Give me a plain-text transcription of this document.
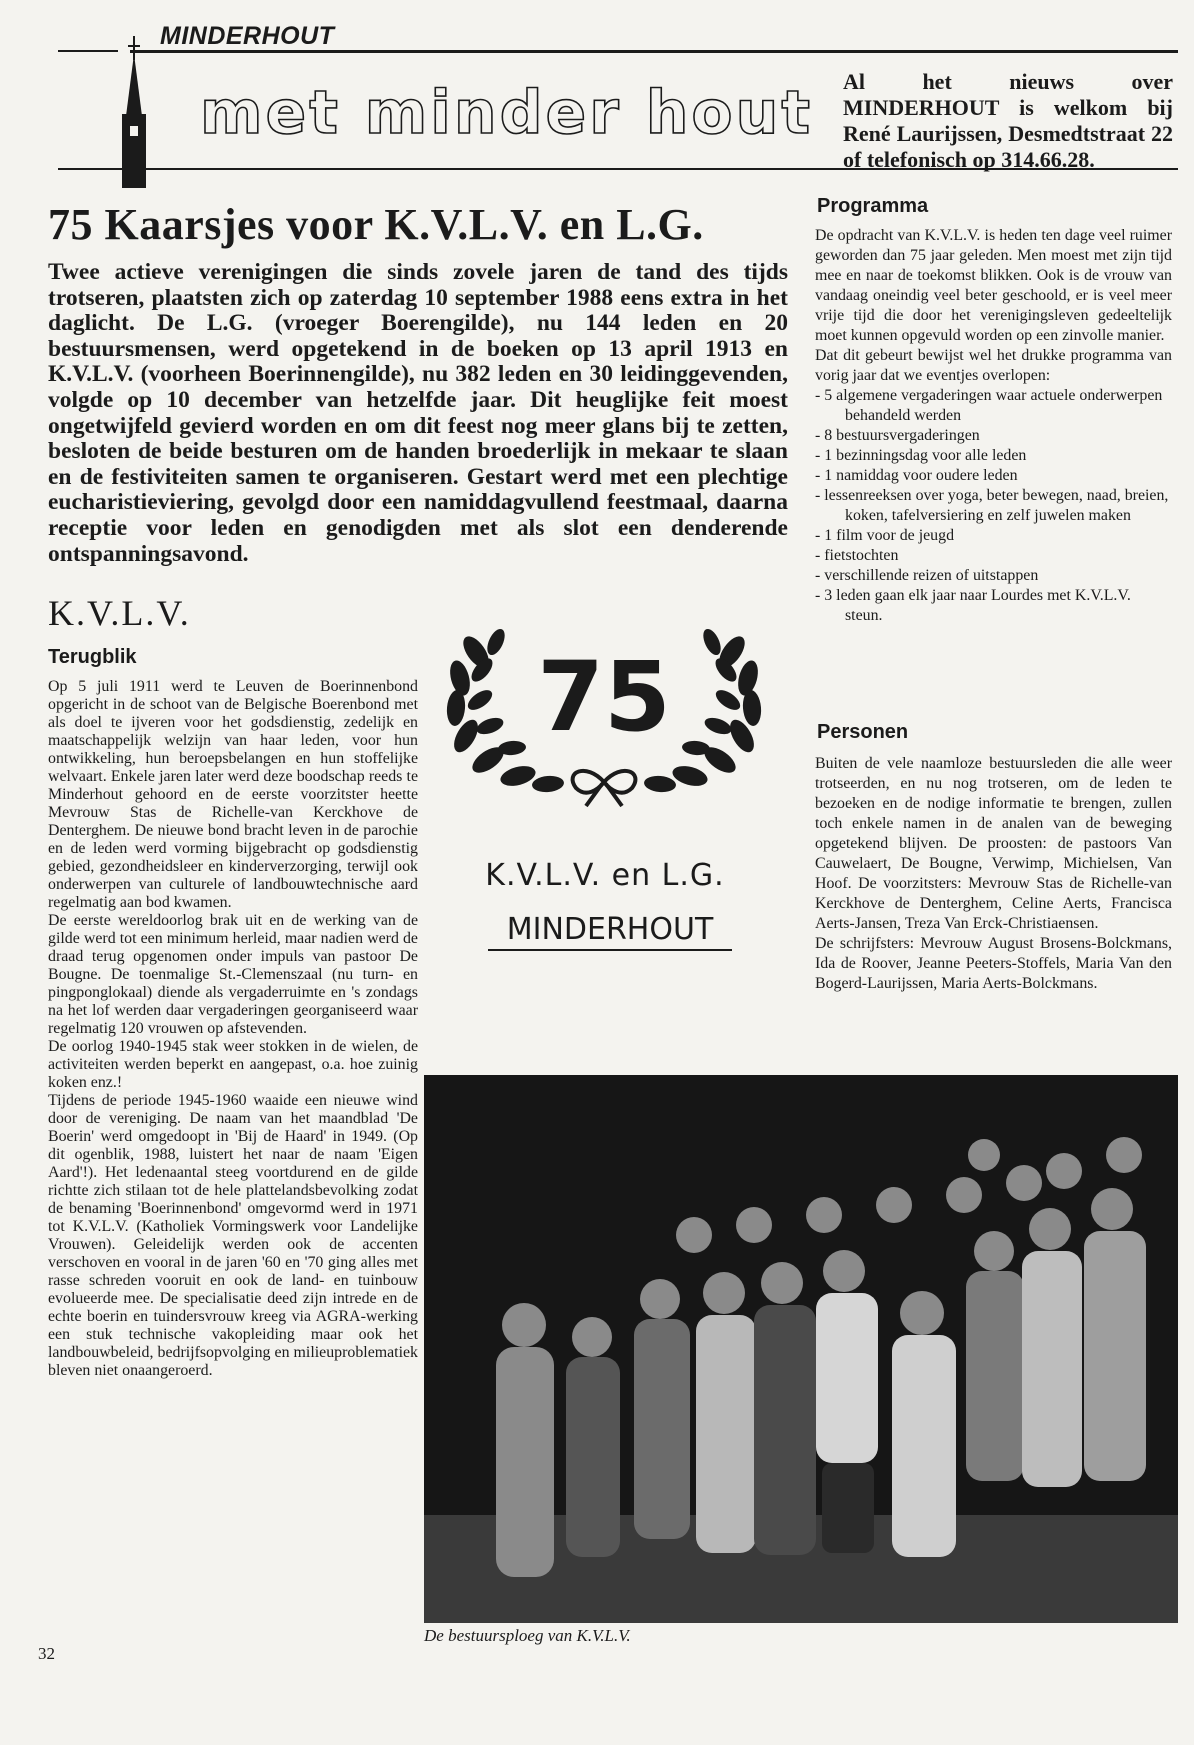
MINDERHOUT
met minder hout Al het nieuws over MINDERHOUT is welkom bij René Laurijssen, Desmedtstraat 22 of telefonisch op 314.66.28.
75 Kaarsjes voor K.V.L.V. en L.G.

Twee actieve verenigingen die sinds zovele jaren de tand des tijds trotseren, plaatsten zich op zaterdag 10 september 1988 eens extra in het daglicht. De L.G. (vroeger Boerengilde), nu 144 leden en 20 bestuursmensen, werd opgetekend in de boeken op 13 april 1913 en K.V.L.V. (voorheen Boerinnengilde), nu 382 leden en 30 leidinggevenden, volgde op 10 december van hetzelfde jaar. Dit heuglijke feit moest ongetwijfeld gevierd worden en om dit feest nog meer glans bij te zetten, besloten de beide besturen om de handen broederlijk in mekaar te slaan en de festiviteiten samen te organiseren. Gestart werd met een plechtige eucharistieviering, gevolgd door een namiddagvullend feestmaal, daarna receptie voor leden en genodigden met als slot een denderende ontspanningsavond.

K.V.L.V.
Terugblik

Op 5 juli 1911 werd te Leuven de Boerinnenbond opgericht in de schoot van de Belgische Boerenbond met als doel te ijveren voor het godsdienstig, zedelijk en maatschappelijk welzijn van haar leden, voor hun ontwikkeling, hun beroepsbelangen en hun stoffelijke welvaart. Enkele jaren later werd deze boodschap reeds te Minderhout gehoord en de eerste voorzitster heette Mevrouw Stas de Richelle-van Kerckhove de Denterghem. De nieuwe bond bracht leven in de parochie en de leden werd vorming bijgebracht op godsdienstig gebied, gezondheidsleer en kinderverzorging, terwijl ook onderwerpen van culturele of landbouwtechnische aard regelmatig aan bod kwamen.

De eerste wereldoorlog brak uit en de werking van de gilde werd tot een minimum herleid, maar nadien werd de draad terug opgenomen onder impuls van pastoor De Bougne. De toenmalige St.-Clemenszaal (nu turn- en pingponglokaal) diende als vergaderruimte en 's zondags na het lof werden daar vergaderingen georganiseerd waar regelmatig 120 vrouwen op afstevenden.

De oorlog 1940-1945 stak weer stokken in de wielen, de activiteiten werden beperkt en aangepast, o.a. hoe zuinig koken enz.!

Tijdens de periode 1945-1960 waaide een nieuwe wind door de vereniging. De naam van het maandblad 'De Boerin' werd omgedoopt in 'Bij de Haard' in 1949. (Op dit ogenblik, 1988, luistert het naar de naam 'Eigen Aard'!). Het ledenaantal steeg voortdurend en de gilde richtte zich stilaan tot de hele plattelandsbevolking zodat de benaming 'Boerinnenbond' omgevormd werd in 1971 tot K.V.L.V. (Katholiek Vormingswerk voor Landelijke Vrouwen). Geleidelijk werden ook de accenten verschoven en vooral in de jaren '60 en '70 ging alles met rasse schreden vooruit en ook de land- en tuinbouw evolueerde mee. De specialisatie deed zijn intrede en de echte boerin en tuindersvrouw kreeg via AGRA-werking een stuk technische vakopleiding maar ook het landbouwbeleid, bedrijfsopvolging en milieuproblematiek bleven niet onaangeroerd.

32
75
K.V.L.V. en L.G.
MINDERHOUT
Programma

De opdracht van K.V.L.V. is heden ten dage veel ruimer geworden dan 75 jaar geleden. Men moest met zijn tijd mee en naar de toekomst blikken. Ook is de vrouw van vandaag oneindig veel beter geschoold, er is veel meer vrije tijd die door het verenigingsleven gedeeltelijk moet kunnen opgevuld worden op een zinvolle manier.

Dat dit gebeurt bewijst wel het drukke programma van vorig jaar dat we eventjes overlopen:

- 5 algemene vergaderingen waar actuele onderwerpen behandeld werden
- 8 bestuursvergaderingen
- 1 bezinningsdag voor alle leden
- 1 namiddag voor oudere leden
- lessenreeksen over yoga, beter bewegen, naad, breien, koken, tafelversiering en zelf juwelen maken
- 1 film voor de jeugd
- fietstochten
- verschillende reizen of uitstappen
- 3 leden gaan elk jaar naar Lourdes met K.V.L.V. steun.
Personen

Buiten de vele naamloze bestuursleden die alle weer trotseerden, en nu nog trotseren, om de leden te bezoeken en de nodige informatie te brengen, zullen toch enkele namen in de analen van de beweging opgetekend blijven. De proosten: de pastoors Van Cauwelaert, De Bougne, Verwimp, Michielsen, Van Hoof. De voorzitsters: Mevrouw Stas de Richelle-van Kerckhove de Denterghem, Celine Aerts, Francisca Aerts-Jansen, Treza Van Erck-Christiaensen.

De schrijfsters: Mevrouw August Brosens-Bolckmans, Ida de Roover, Jeanne Peeters-Stoffels, Maria Van den Bogerd-Laurijssen, Maria Aerts-Bolckmans.

De bestuursploeg van K.V.L.V.
